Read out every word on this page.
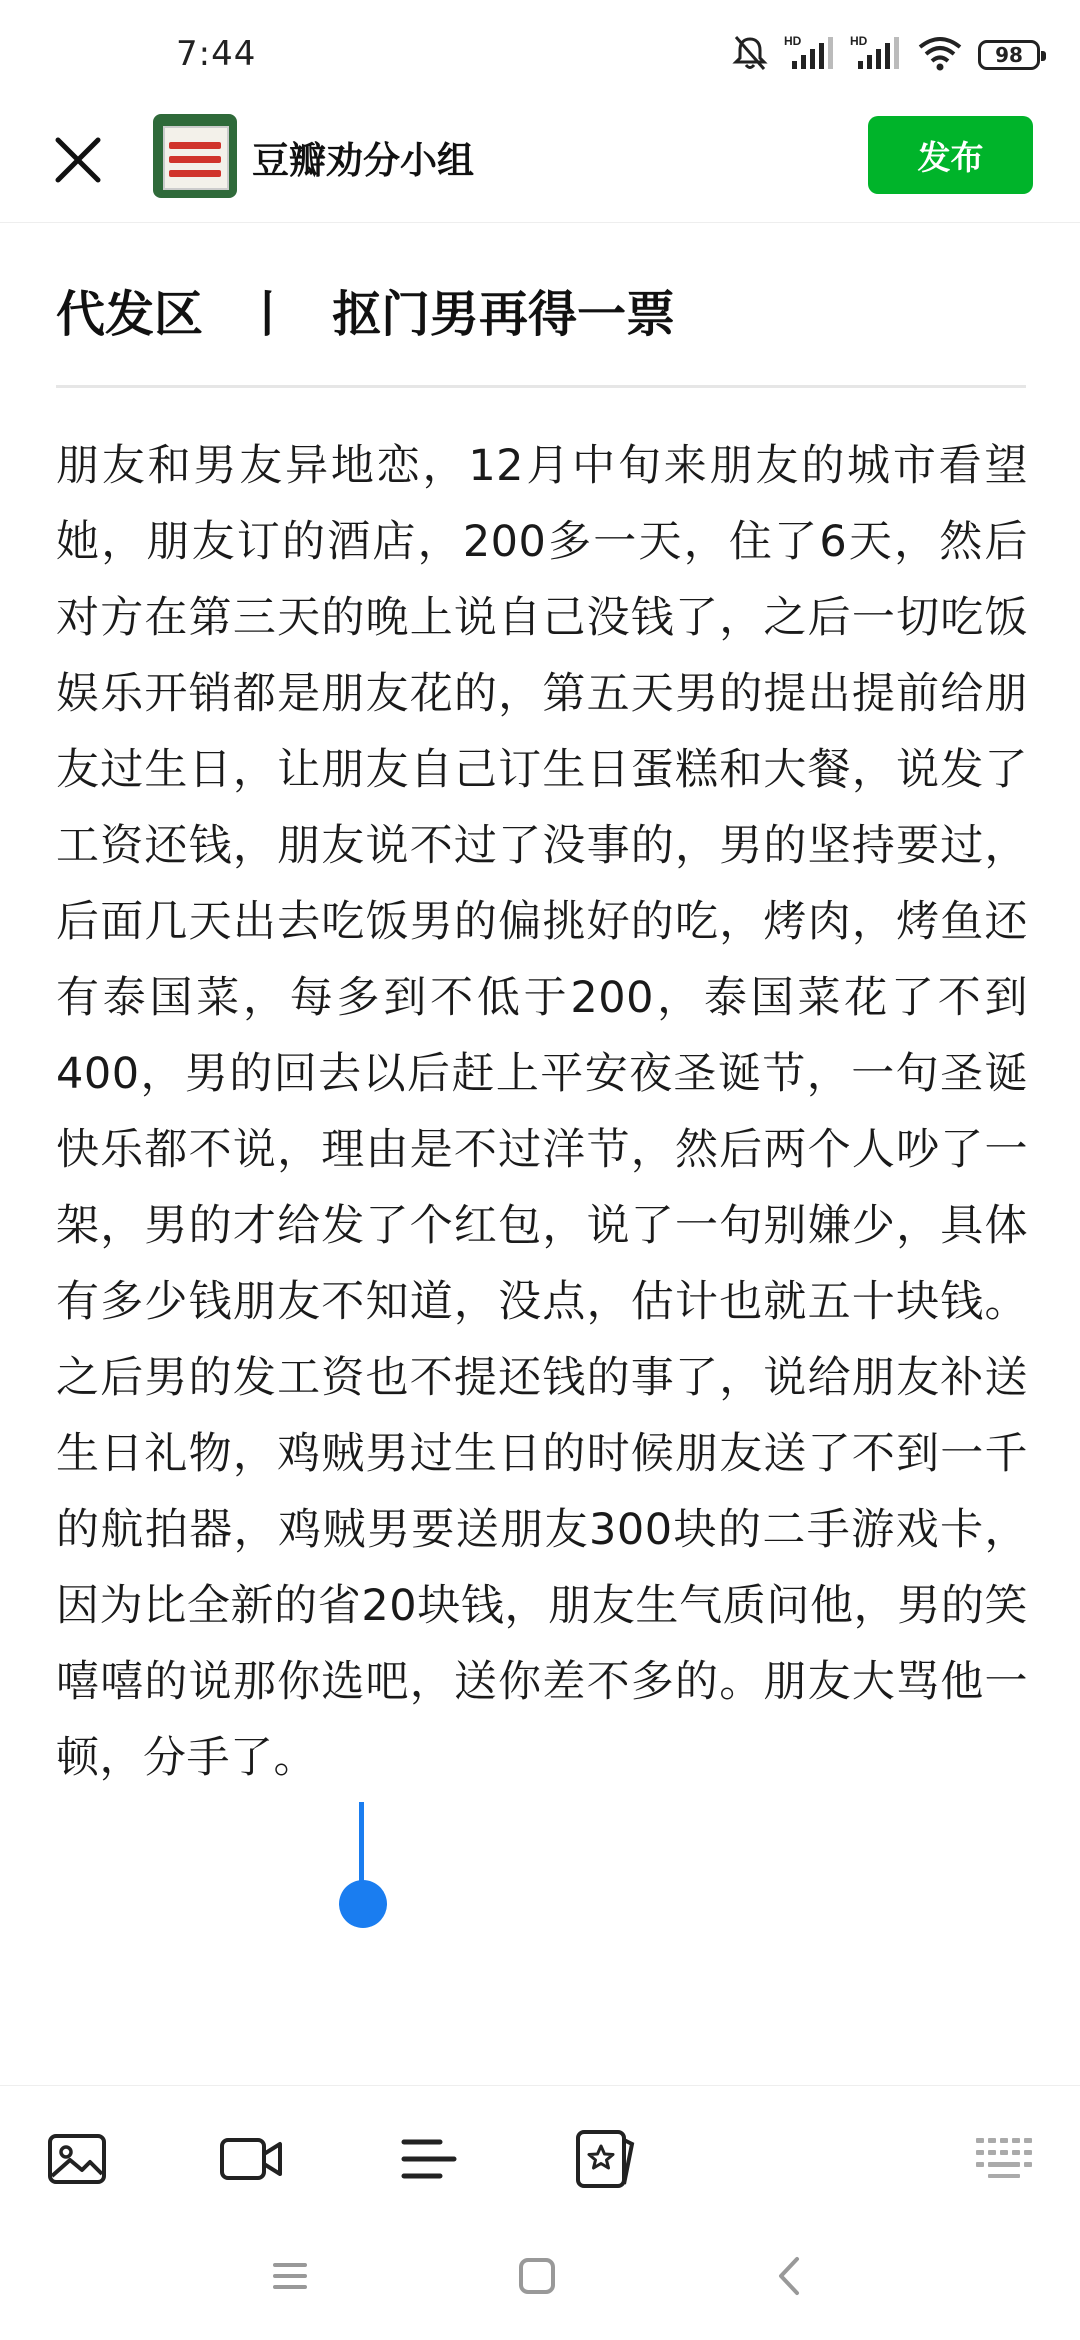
7:44	HD	HD
98
豆瓣劝分小组	发布
代发区 丨 抠门男再得一票
朋友和男友异地恋，12月中旬来朋友的城市看望她，朋友订的酒店，200多一天，住了6天，然后对方在第三天的晚上说自己没钱了，之后一切吃饭娱乐开销都是朋友花的，第五天男的提出提前给朋友过生日，让朋友自己订生日蛋糕和大餐，说发了工资还钱，朋友说不过了没事的，男的坚持要过，后面几天出去吃饭男的偏挑好的吃，烤肉，烤鱼还有泰国菜，每多到不低于200，泰国菜花了不到400，男的回去以后赶上平安夜圣诞节，一句圣诞快乐都不说，理由是不过洋节，然后两个人吵了一架，男的才给发了个红包，说了一句别嫌少，具体有多少钱朋友不知道，没点，估计也就五十块钱。之后男的发工资也不提还钱的事了，说给朋友补送生日礼物，鸡贼男过生日的时候朋友送了不到一千的航拍器，鸡贼男要送朋友300块的二手游戏卡，因为比全新的省20块钱，朋友生气质问他，男的笑嘻嘻的说那你选吧，送你差不多的。朋友大骂他一顿，分手了。
